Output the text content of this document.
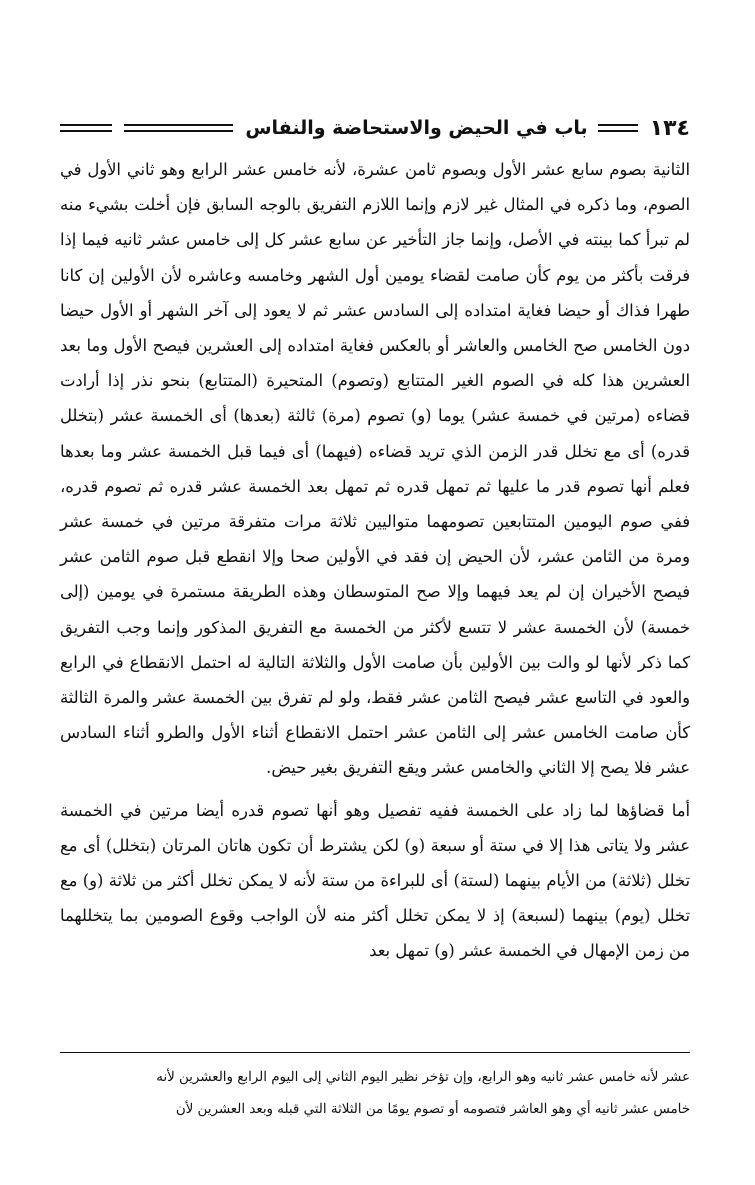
١٣٤
باب في الحيض والاستحاضة والنفاس

الثانية بصوم سابع عشر الأول وبصوم ثامن عشرة، لأنه خامس عشر الرابع وهو ثاني الأول في الصوم، وما ذكره في المثال غير لازم وإنما اللازم التفريق بالوجه السابق فإن أخلت بشيء منه لم تبرأ كما بينته في الأصل، وإنما جاز التأخير عن سابع عشر كل إلى خامس عشر ثانيه فيما إذا فرقت بأكثر من يوم كأن صامت لقضاء يومين أول الشهر وخامسه وعاشره لأن الأولين إن كانا طهرا فذاك أو حيضا فغاية امتداده إلى السادس عشر ثم لا يعود إلى آخر الشهر أو الأول حيضا دون الخامس صح الخامس والعاشر أو بالعكس فغاية امتداده إلى العشرين فيصح الأول وما بعد العشرين هذا كله في الصوم الغير المتتابع (وتصوم) المتحيرة (المتتابع) بنحو نذر إذا أرادت قضاءه (مرتين في خمسة عشر) يوما (و) تصوم (مرة) ثالثة (بعدها) أى الخمسة عشر (بتخلل قدره) أى مع تخلل قدر الزمن الذي تريد قضاءه (فيهما) أى فيما قبل الخمسة عشر وما بعدها فعلم أنها تصوم قدر ما عليها ثم تمهل قدره ثم تمهل بعد الخمسة عشر قدره ثم تصوم قدره، ففي صوم اليومين المتتابعين تصومهما متواليين ثلاثة مرات متفرقة مرتين في خمسة عشر ومرة من الثامن عشر، لأن الحيض إن فقد في الأولين صحا وإلا انقطع قبل صوم الثامن عشر فيصح الأخيران إن لم يعد فيهما وإلا صح المتوسطان وهذه الطريقة مستمرة في يومين (إلى خمسة) لأن الخمسة عشر لا تتسع لأكثر من الخمسة مع التفريق المذكور وإنما وجب التفريق كما ذكر لأنها لو والت بين الأولين بأن صامت الأول والثلاثة التالية له احتمل الانقطاع في الرابع والعود في التاسع عشر فيصح الثامن عشر فقط، ولو لم تفرق بين الخمسة عشر والمرة الثالثة كأن صامت الخامس عشر إلى الثامن عشر احتمل الانقطاع أثناء الأول والطرو أثناء السادس عشر فلا يصح إلا الثاني والخامس عشر ويقع التفريق بغير حيض.

أما قضاؤها لما زاد على الخمسة ففيه تفصيل وهو أنها تصوم قدره أيضا مرتين في الخمسة عشر ولا يتاتى هذا إلا في ستة أو سبعة (و) لكن يشترط أن تكون هاتان المرتان (بتخلل) أى مع تخلل (ثلاثة) من الأيام بينهما (لستة) أى للبراءة من ستة لأنه لا يمكن تخلل أكثر من ثلاثة (و) مع تخلل (يوم) بينهما (لسبعة) إذ لا يمكن تخلل أكثر منه لأن الواجب وقوع الصومين بما يتخللهما من زمن الإمهال في الخمسة عشر (و) تمهل بعد

عشر لأنه خامس عشر ثانيه وهو الرابع، وإن تؤخر نظير اليوم الثاني إلى اليوم الرابع والعشرين لأنه

خامس عشر ثانيه أي وهو العاشر فتصومه أو تصوم يومًا من الثلاثة التي قبله وبعد العشرين لأن
